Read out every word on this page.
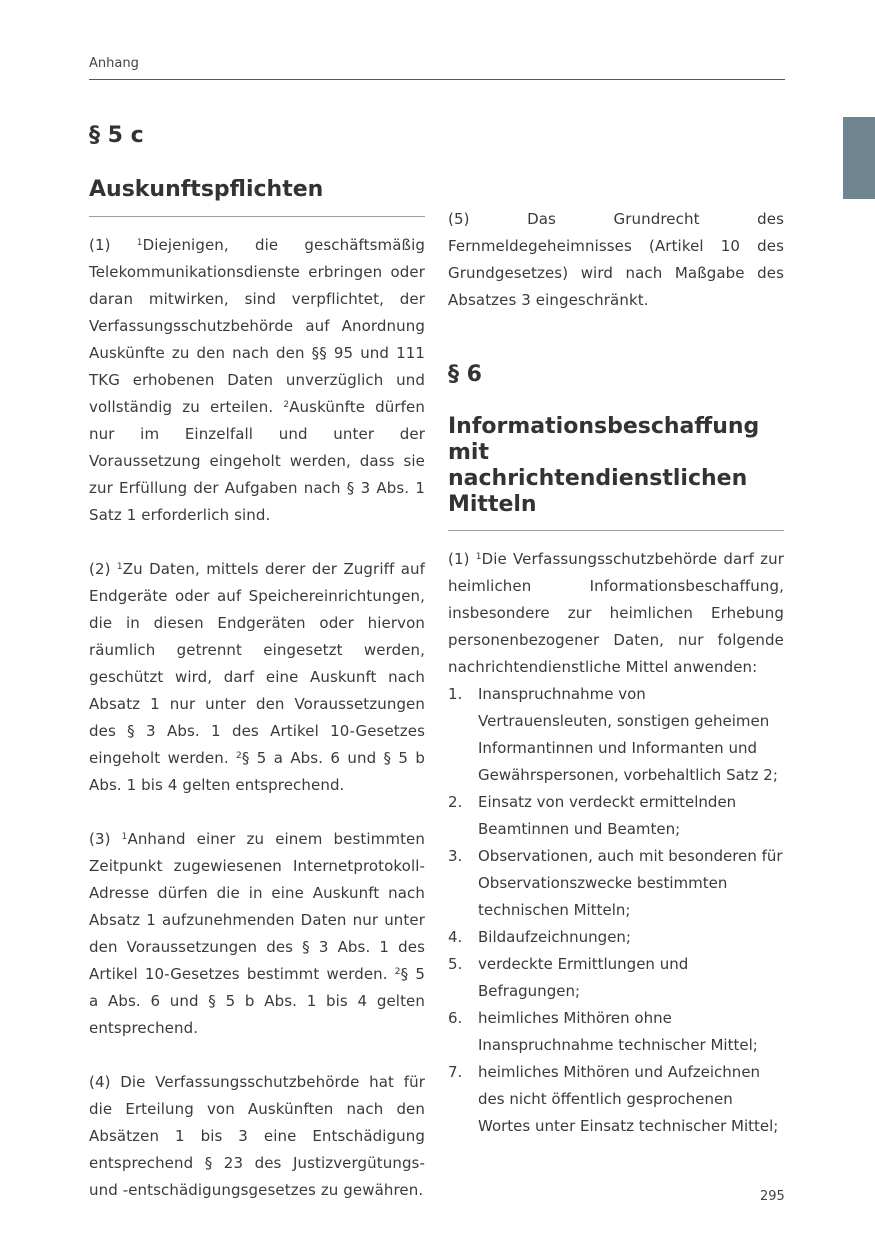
Anhang
§ 5 c
Auskunftspflichten

(1) $^1$Diejenigen, die geschäftsmäßig Telekommunikationsdienste erbringen oder daran mitwirken, sind verpflichtet, der Verfassungsschutzbehörde auf Anordnung Auskünfte zu den nach den §§ 95 und 111 TKG erhobenen Daten unverzüglich und vollständig zu erteilen. $^2$Auskünfte dürfen nur im Einzelfall und unter der Voraussetzung eingeholt werden, dass sie zur Erfüllung der Aufgaben nach § 3 Abs. 1 Satz 1 erforderlich sind.

(2) $^1$Zu Daten, mittels derer der Zugriff auf Endgeräte oder auf Speichereinrichtungen, die in diesen Endgeräten oder hiervon räumlich getrennt eingesetzt werden, geschützt wird, darf eine Auskunft nach Absatz 1 nur unter den Voraussetzungen des § 3 Abs. 1 des Artikel 10-Gesetzes eingeholt werden. $^2$§ 5 a Abs. 6 und § 5 b Abs. 1 bis 4 gelten entsprechend.

(3) $^1$Anhand einer zu einem bestimmten Zeitpunkt zugewiesenen Internetprotokoll-Adresse dürfen die in eine Auskunft nach Absatz 1 aufzunehmenden Daten nur unter den Voraussetzungen des § 3 Abs. 1 des Artikel 10-Gesetzes bestimmt werden. $^2$§ 5 a Abs. 6 und § 5 b Abs. 1 bis 4 gelten entsprechend.

(4) Die Verfassungsschutzbehörde hat für die Erteilung von Auskünften nach den Absätzen 1 bis 3 eine Entschädigung entsprechend § 23 des Justizvergütungs- und -entschädigungsgesetzes zu gewähren.

(5) Das Grundrecht des Fernmeldegeheimnisses (Artikel 10 des Grundgesetzes) wird nach Maßgabe des Absatzes 3 eingeschränkt.

§ 6
Informationsbeschaffung
mit nachrichtendienstlichen
Mitteln

(1) $^1$Die Verfassungsschutzbehörde darf zur heimlichen Informationsbeschaffung, insbesondere zur heimlichen Erhebung personenbezogener Daten, nur folgende nachrichtendienstliche Mittel anwenden:

1. Inanspruchnahme von Vertrauensleuten, sonstigen geheimen Informantinnen und Informanten und Gewährspersonen, vorbehaltlich Satz 2;
2. Einsatz von verdeckt ermittelnden Beamtinnen und Beamten;
3. Observationen, auch mit besonderen für Observationszwecke bestimmten technischen Mitteln;
4. Bildaufzeichnungen;
5. verdeckte Ermittlungen und Befragungen;
6. heimliches Mithören ohne Inanspruchnahme technischer Mittel;
7. heimliches Mithören und Aufzeichnen des nicht öffentlich gesprochenen Wortes unter Einsatz technischer Mittel;
295
